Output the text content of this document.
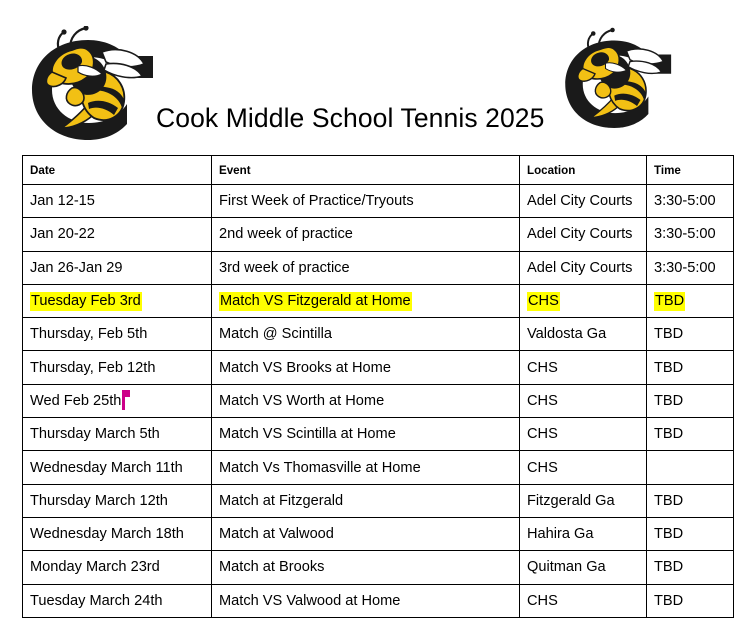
Cook Middle School Tennis 2025
Date	Event	Location	Time
Jan 12-15	First Week of Practice/Tryouts	Adel City Courts	3:30-5:00
Jan 20-22	2nd week of practice	Adel City Courts	3:30-5:00
Jan 26-Jan 29	3rd week of practice	Adel City Courts	3:30-5:00
Tuesday Feb 3rd	Match VS Fitzgerald at Home	CHS	TBD
Thursday, Feb 5th	Match @ Scintilla	Valdosta Ga	TBD
Thursday, Feb 12th	Match VS Brooks at Home	CHS	TBD
Wed Feb 25th	Match VS Worth at Home	CHS	TBD
Thursday March 5th	Match VS Scintilla at Home	CHS	TBD
Wednesday March 11th	Match Vs Thomasville at Home	CHS	
Thursday March 12th	Match at Fitzgerald	Fitzgerald Ga	TBD
Wednesday March 18th	Match at Valwood	Hahira Ga	TBD
Monday March 23rd	Match at Brooks	Quitman Ga	TBD
Tuesday March 24th	Match VS Valwood at Home	CHS	TBD
